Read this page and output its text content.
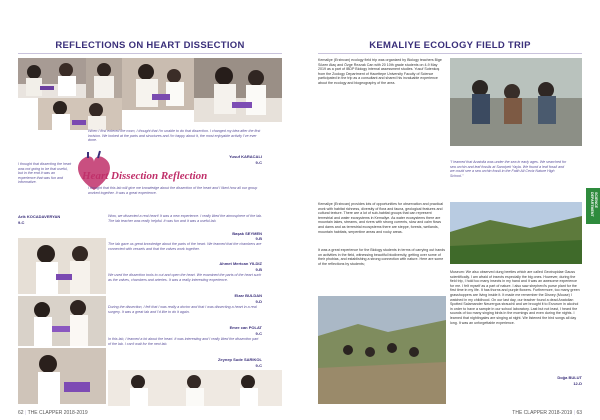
REFLECTIONS ON HEART DISSECTION
When I first entered the room, I thought that I'm unable to do that dissection. I changed my idea after the first incision. We looked at the parts and structures and I'm happy about it, the most enjoyable activity I’ve ever done.
Yusuf KARACALI
9-C
I thought that dissecting the heart was not going to be that useful, but in the end it was an experience that was fun and informative.
Arik KOCADAVERYAN
9-C
Heart Dissection Reflection
I thought that this lab will give me knowledge about the dissection of the heart and I liked how all our group worked together. It was a great experience.
Wow, we dissected a real heart! It was a new experience. I really liked the atmosphere of the lab. The lab teacher was really helpful. It was fun and it was a useful lab.
Başak SEYMEN
9-B
The lab gave us great knowledge about the parts of the heart. We learned that the chambers are connected with vessels and that the valves work together.
Ahmet Mertcan YILDIZ
9-B
We used the dissection tools to cut and open the heart. We examined the parts of the heart such as the valves, chambers and arteries. It was a really interesting experience.
Elzar BULDAN
9-D
During the dissection, I felt that I was really a doctor and that I was dissecting a heart in a real surgery. It was a great lab and I'd like to do it again.
Emre can POLAT
9-C
In this lab, I learned a lot about the heart. It was interesting and I really liked the dissection part of the lab. I can't wait for the next lab.
Zeynep Sude SARIKOL
9-C
62 | THE CLAPPER 2018-2019
KEMALIYE ECOLOGY FIELD TRIP
Kemaliye (Erzincan) ecology field trip was organized by Biology teachers Bige Sözen Ataç and Özge Rezzak Can with 20 10th grade students on 4-9 May 2019 as a part of IBDP Biology internal assessment studies. Yusuf Sutenkoş from the Zoology Department of Hacettepe University Faculty of Science participated in the trip as a consultant and shared his invaluable experience about the ecology and biogeography of the area.
Kemaliye (Erzincan) provides lots of opportunities for observation and practical work with habitat richness, diversity of flora and fauna, geological features and cultural texture. There are a lot of sub-habitat groups that can represent terrestrial and water ecosystems in Kemaliye. As water ecosystems there are mountain lakes, streams, and rivers with strong currents, slow and calm flows and dams and as terrestrial ecosystems there are steppe, forests, wetlands, mountain habitats, serpentine areas and rocky areas.
It was a great experience for the Biology students in terms of carrying out hands on activities in the field, witnessing beautiful biodiversity, getting over some of their phobias, and establishing a strong connection with nature. Here are some of the reflections by students;
"I learned that Anatolia was under the sea in early ages. We searched for sea urchin and leaf fossils at Sancipek Yayla. We found a leaf fossil and we could see a sea urchin fossil in the Fatih Ali Ceviz Nature High School."
Museum: We also observed dung beetles which are called Geotrupidae Gauss scientifically. I am afraid of insects especially the big ones. However, during the field trip, I hold too many insects in my hand and it was an awesome experience for me. I felt myself as a part of nature. I also saw shepherd's purse plant for the first time in my life. It has thorns and purple flowers. Furthermore, too many green grasshoppers are living inside it. It made me remember the Disney (Mouse) I watched in my childhood. On our last day, our teacher found a dead Anatolian Spotted Salamander Neurergus strauchii and we brought it to Erzurum in alcohol in order to have a sample in our school laboratory. Last but not least, I heard the sounds of too many singing birds in the mornings and even during the nights. I learned that nightingales are singing at night. We listened the bird songs all day long. It was an unforgettable experience.
Doğa BULUT
12-D
SCIENCE DEPARTMENT
THE CLAPPER 2018-2019 | 63
